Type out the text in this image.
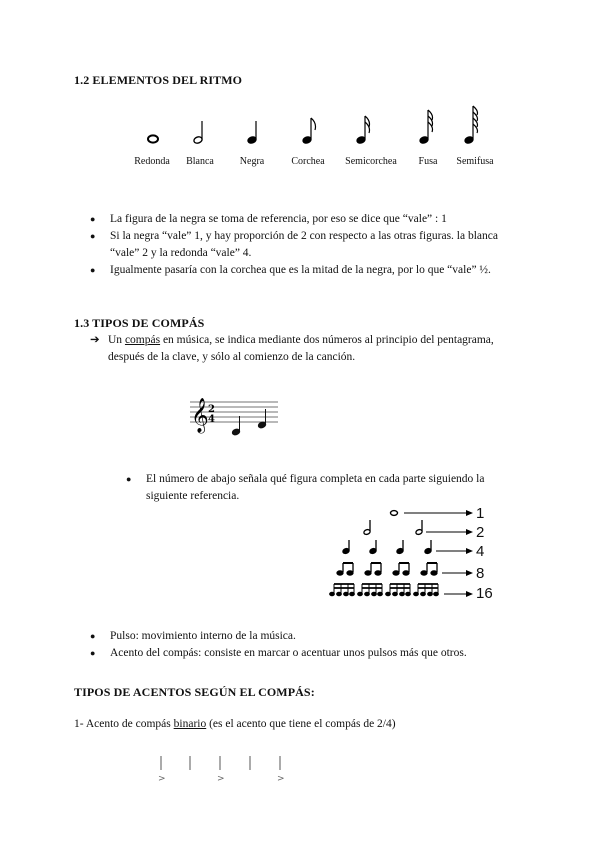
1.2 ELEMENTOS DEL RITMO
Redonda	Blanca	Negra	Corchea	Semicorchea	Fusa	Semifusa
● La figura de la negra se toma de referencia, por eso se dice que “vale” : 1
● Si la negra “vale” 1, y hay proporción de 2 con respecto a las otras figuras. la blanca “vale” 2 y la redonda “vale” 4.
● Igualmente pasaría con la corchea que es la mitad de la negra, por lo que “vale” ½.
1.3 TIPOS DE COMPÁS
➔ Un compás en música, se indica mediante dos números al principio del pentagrama, después de la clave, y sólo al comienzo de la canción.
𝄞 2
4
● El número de abajo señala qué figura completa en cada parte siguiendo la siguiente referencia.
1
2
4
8
16
● Pulso: movimiento interno de la música.
● Acento del compás: consiste en marcar o acentuar unos pulsos más que otros.
TIPOS DE ACENTOS SEGÚN EL COMPÁS:
1- Acento de compás binario (es el acento que tiene el compás de 2/4)
>	>	>
